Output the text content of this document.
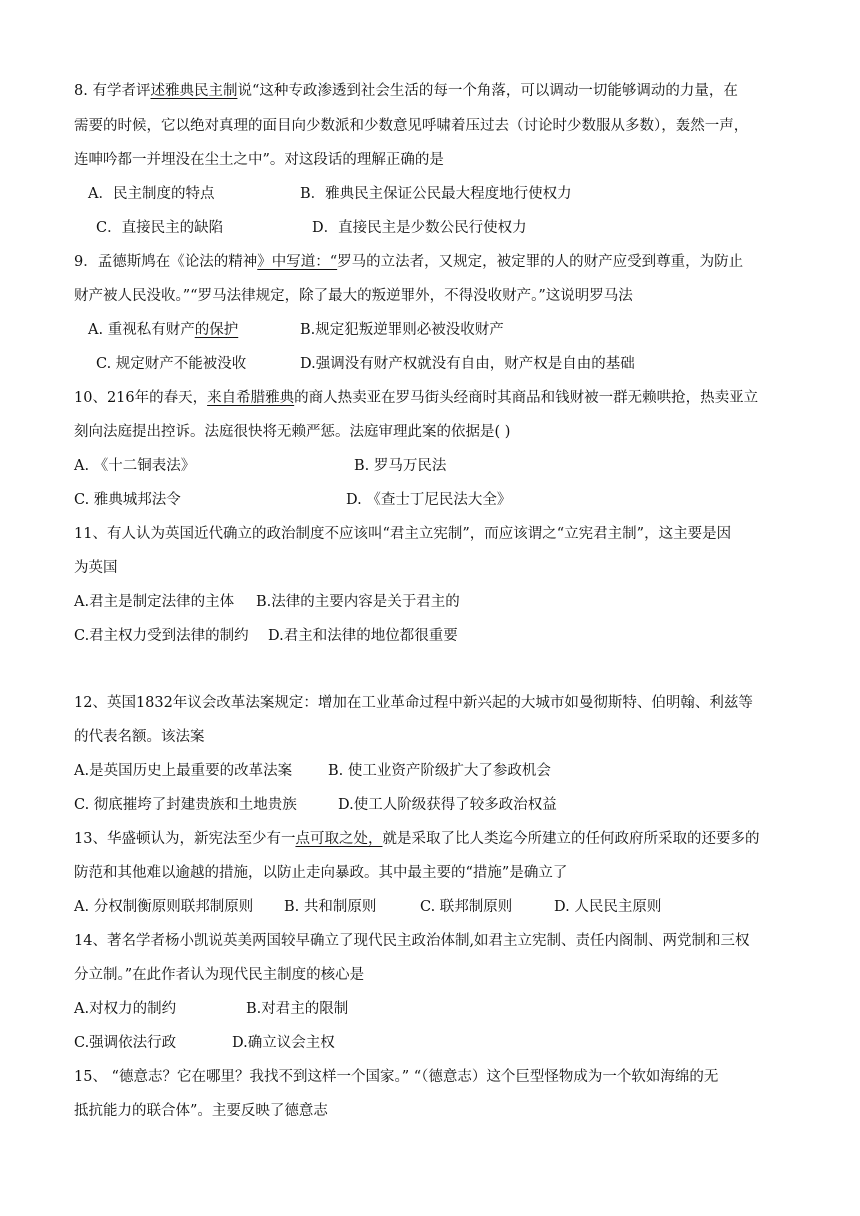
8. 有学者评述雅典民主制说“这种专政渗透到社会生活的每一个角落，可以调动一切能够调动的力量，在
需要的时候，它以绝对真理的面目向少数派和少数意见呼啸着压过去（讨论时少数服从多数），轰然一声，
连呻吟都一并埋没在尘土之中”。对这段话的理解正确的是
A．民主制度的特点	B．雅典民主保证公民最大程度地行使权力
C．直接民主的缺陷	D．直接民主是少数公民行使权力
9．孟德斯鸠在《论法的精神》中写道：“罗马的立法者，又规定，被定罪的人的财产应受到尊重，为防止
财产被人民没收。”“罗马法律规定，除了最大的叛逆罪外，不得没收财产。”这说明罗马法
A. 重视私有财产的保护	B.规定犯叛逆罪则必被没收财产
C. 规定财产不能被没收	D.强调没有财产权就没有自由，财产权是自由的基础
10、216年的春天，来自希腊雅典的商人热卖亚在罗马街头经商时其商品和钱财被一群无赖哄抢，热卖亚立
刻向法庭提出控诉。法庭很快将无赖严惩。法庭审理此案的依据是( )
A. 《十二铜表法》	B. 罗马万民法
C. 雅典城邦法令	D. 《查士丁尼民法大全》
11、有人认为英国近代确立的政治制度不应该叫“君主立宪制”，而应该谓之“立宪君主制”，这主要是因
为英国
A.君主是制定法律的主体 B.法律的主要内容是关于君主的
C.君主权力受到法律的制约 D.君主和法律的地位都很重要
12、英国1832年议会改革法案规定：增加在工业革命过程中新兴起的大城市如曼彻斯特、伯明翰、利兹等
的代表名额。该法案
A.是英国历史上最重要的改革法案 B. 使工业资产阶级扩大了参政机会
C. 彻底摧垮了封建贵族和土地贵族	D.使工人阶级获得了较多政治权益
13、华盛顿认为，新宪法至少有一点可取之处，就是采取了比人类迄今所建立的任何政府所采取的还要多的
防范和其他难以逾越的措施，以防止走向暴政。其中最主要的“措施”是确立了
A. 分权制衡原则联邦制原则 B. 共和制原则	C. 联邦制原则	D. 人民民主原则
14、著名学者杨小凯说英美两国较早确立了现代民主政治体制,如君主立宪制、责任内阁制、两党制和三权
分立制。”在此作者认为现代民主制度的核心是
A.对权力的制约	B.对君主的限制
C.强调依法行政	D.确立议会主权
15、 “德意志？它在哪里？我找不到这样一个国家。” “（德意志）这个巨型怪物成为一个软如海绵的无
抵抗能力的联合体”。主要反映了德意志
